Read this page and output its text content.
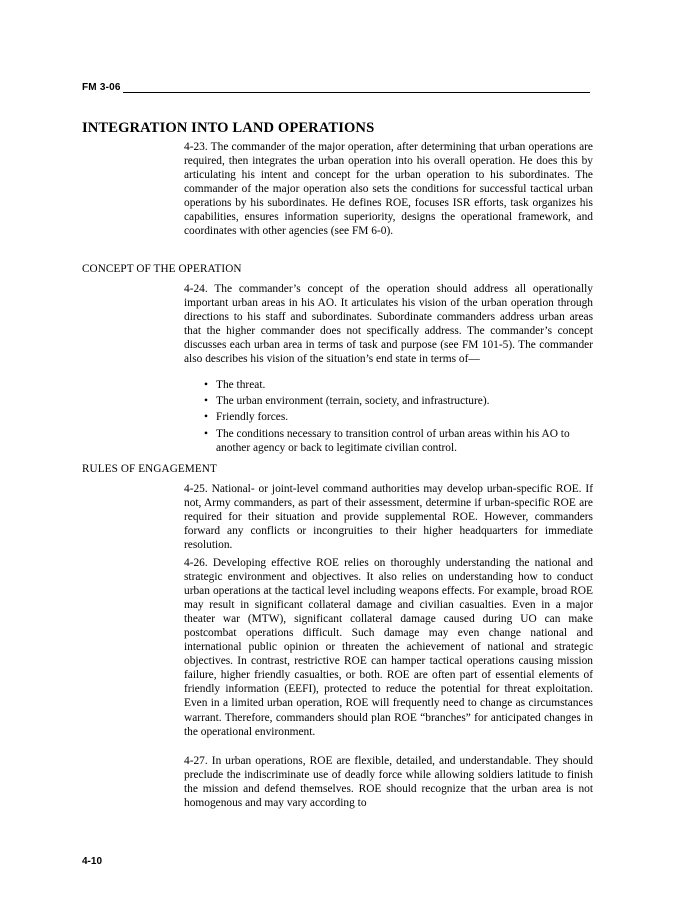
FM 3-06
INTEGRATION INTO LAND OPERATIONS

4-23. The commander of the major operation, after determining that urban operations are required, then integrates the urban operation into his overall operation. He does this by articulating his intent and concept for the urban operation to his subordinates. The commander of the major operation also sets the conditions for successful tactical urban operations by his subordinates. He defines ROE, focuses ISR efforts, task organizes his capabilities, ensures information superiority, designs the operational framework, and coordinates with other agencies (see FM 6-0).

CONCEPT OF THE OPERATION

4-24. The commander’s concept of the operation should address all operationally important urban areas in his AO. It articulates his vision of the urban operation through directions to his staff and subordinates. Subordinate commanders address urban areas that the higher commander does not specifically address. The commander’s concept discusses each urban area in terms of task and purpose (see FM 101-5). The commander also describes his vision of the situation’s end state in terms of—

• The threat.
• The urban environment (terrain, society, and infrastructure).
• Friendly forces.
• The conditions necessary to transition control of urban areas within his AO to another agency or back to legitimate civilian control.
RULES OF ENGAGEMENT

4-25. National- or joint-level command authorities may develop urban-specific ROE. If not, Army commanders, as part of their assessment, determine if urban-specific ROE are required for their situation and provide supplemental ROE. However, commanders forward any conflicts or incongruities to their higher headquarters for immediate resolution.

4-26. Developing effective ROE relies on thoroughly understanding the national and strategic environment and objectives. It also relies on understanding how to conduct urban operations at the tactical level including weapons effects. For example, broad ROE may result in significant collateral damage and civilian casualties. Even in a major theater war (MTW), significant collateral damage caused during UO can make postcombat operations difficult. Such damage may even change national and international public opinion or threaten the achievement of national and strategic objectives. In contrast, restrictive ROE can hamper tactical operations causing mission failure, higher friendly casualties, or both. ROE are often part of essential elements of friendly information (EEFI), protected to reduce the potential for threat exploitation. Even in a limited urban operation, ROE will frequently need to change as circumstances warrant. Therefore, commanders should plan ROE “branches” for anticipated changes in the operational environment.

4-27. In urban operations, ROE are flexible, detailed, and understandable. They should preclude the indiscriminate use of deadly force while allowing soldiers latitude to finish the mission and defend themselves. ROE should recognize that the urban area is not homogenous and may vary according to

4-10
